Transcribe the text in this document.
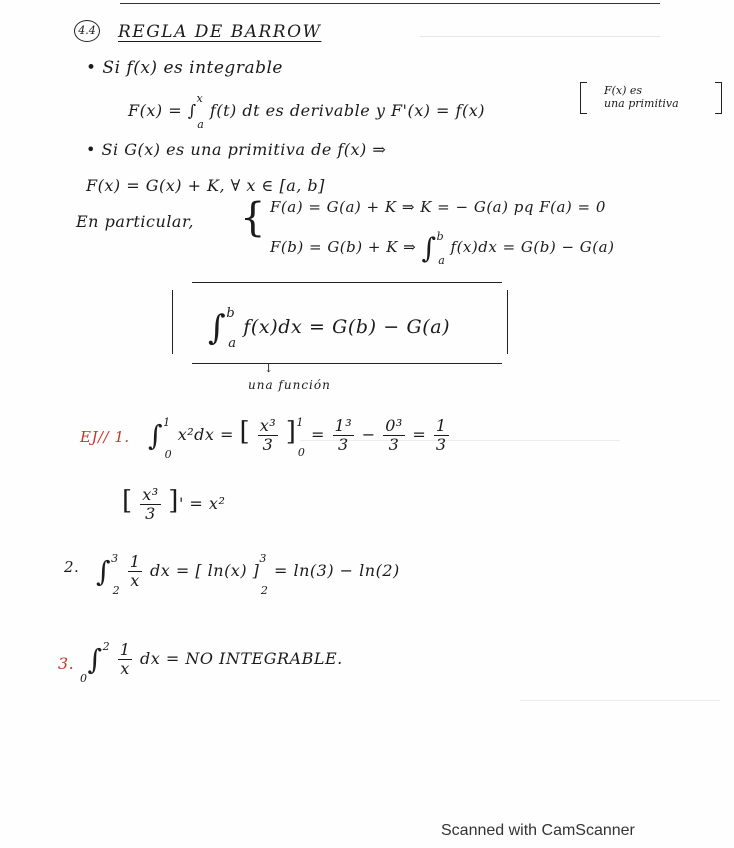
4.4 REGLA DE BARROW
• Si f(x) es integrable
F(x) = ∫$^x_a$ f(t) dt es derivable y F'(x) = f(x)
F(x) es
una primitiva
• Si G(x) es una primitiva de f(x) ⇒
F(x) = G(x) + K, ∀ x ∈ [a, b]
En particular, { F(a) = G(a) + K ⇒ K = − G(a) pq F(a) = 0
F(b) = G(b) + K ⇒ ∫$^b_a$ f(x)dx = G(b) − G(a)
∫$^b_a$ f(x)dx = G(b) − G(a)
↓
una función
EJ// 1. ∫$^1_0$ x²dx = [ $\frac{\text{x³}}{3} ]^1_0 = \frac{\text{1³}}{3} - \frac{\text{0³}}{3} = \frac{1}{3}$
[ $\frac{\text{x³}}{3}$ ]' = x²
2. ∫$^3_2$
$\frac{1}{x}$ dx = [ ln(x) ]$^3_2$ = ln(3) − ln(2)
3.
$_0\int^2 \frac{1}{x}$ dx = NO INTEGRABLE.
Scanned with CamScanner
